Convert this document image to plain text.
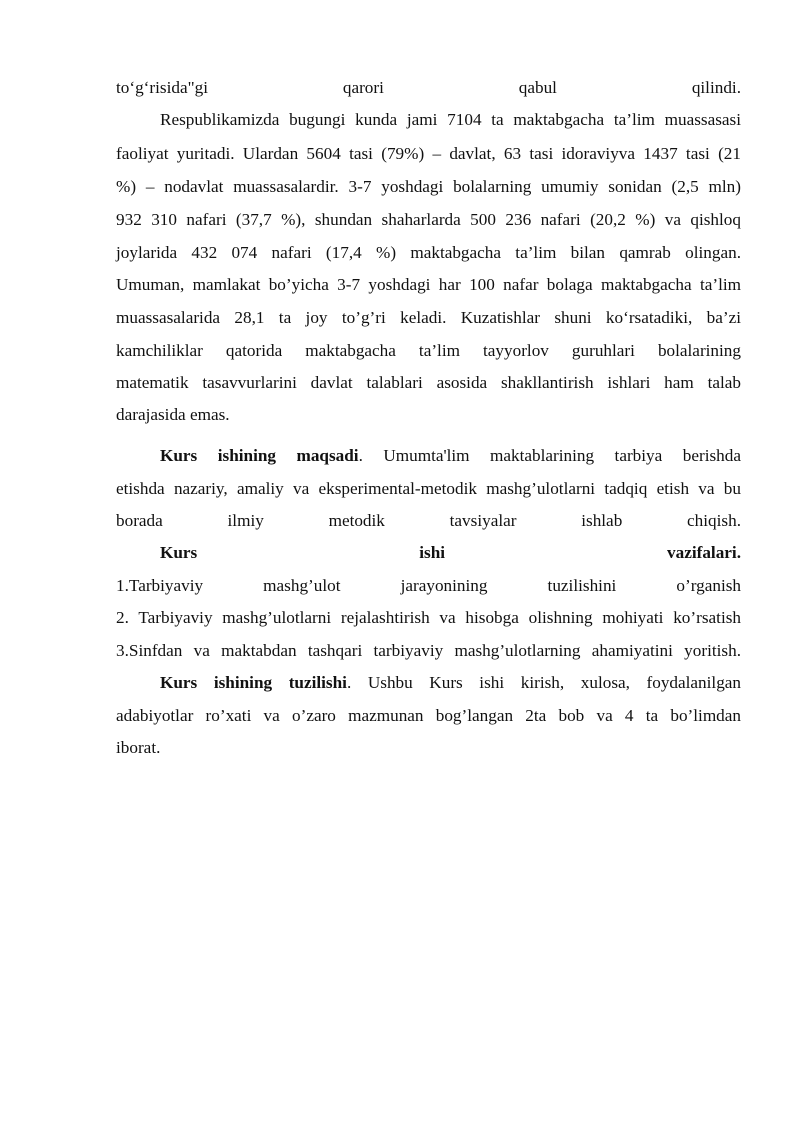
to‘g‘risida"gi qarori qabul qilindi.
Respublikamizda bugungi kunda jami 7104 ta maktabgacha ta’lim muassasasi
faoliyat yuritadi. Ulardan 5604 tasi (79%) – davlat, 63 tasi idoraviyva 1437 tasi (21
%) – nodavlat muassasalardir. 3-7 yoshdagi bolalarning umumiy sonidan (2,5 mln)
932 310 nafari (37,7 %), shundan shaharlarda 500 236 nafari (20,2 %) va qishloq
joylarida 432 074 nafari (17,4 %) maktabgacha ta’lim bilan qamrab olingan.
Umuman, mamlakat bo’yicha 3-7 yoshdagi har 100 nafar bolaga maktabgacha ta’lim
muassasalarida 28,1 ta joy to’g’ri keladi. Kuzatishlar shuni ko‘rsatadiki, ba’zi
kamchiliklar qatorida maktabgacha ta’lim tayyorlov guruhlari bolalarining
matematik tasavvurlarini davlat talablari asosida shakllantirish ishlari ham talab
darajasida emas.
Kurs ishining maqsadi. Umumta'lim maktablarining tarbiya berishda
etishda nazariy, amaliy va eksperimental-metodik mashg’ulotlarni tadqiq etish va bu
borada ilmiy metodik tavsiyalar ishlab chiqish.
Kurs ishi vazifalari.
1.Tarbiyaviy mashg’ulot jarayonining tuzilishini o’rganish
2. Tarbiyaviy mashg’ulotlarni rejalashtirish va hisobga olishning mohiyati ko’rsatish
3.Sinfdan va maktabdan tashqari tarbiyaviy mashg’ulotlarning ahamiyatini yoritish.
Kurs ishining tuzilishi. Ushbu Kurs ishi kirish, xulosa, foydalanilgan
adabiyotlar ro’xati va o’zaro mazmunan bog’langan 2ta bob va 4 ta bo’limdan
iborat.
